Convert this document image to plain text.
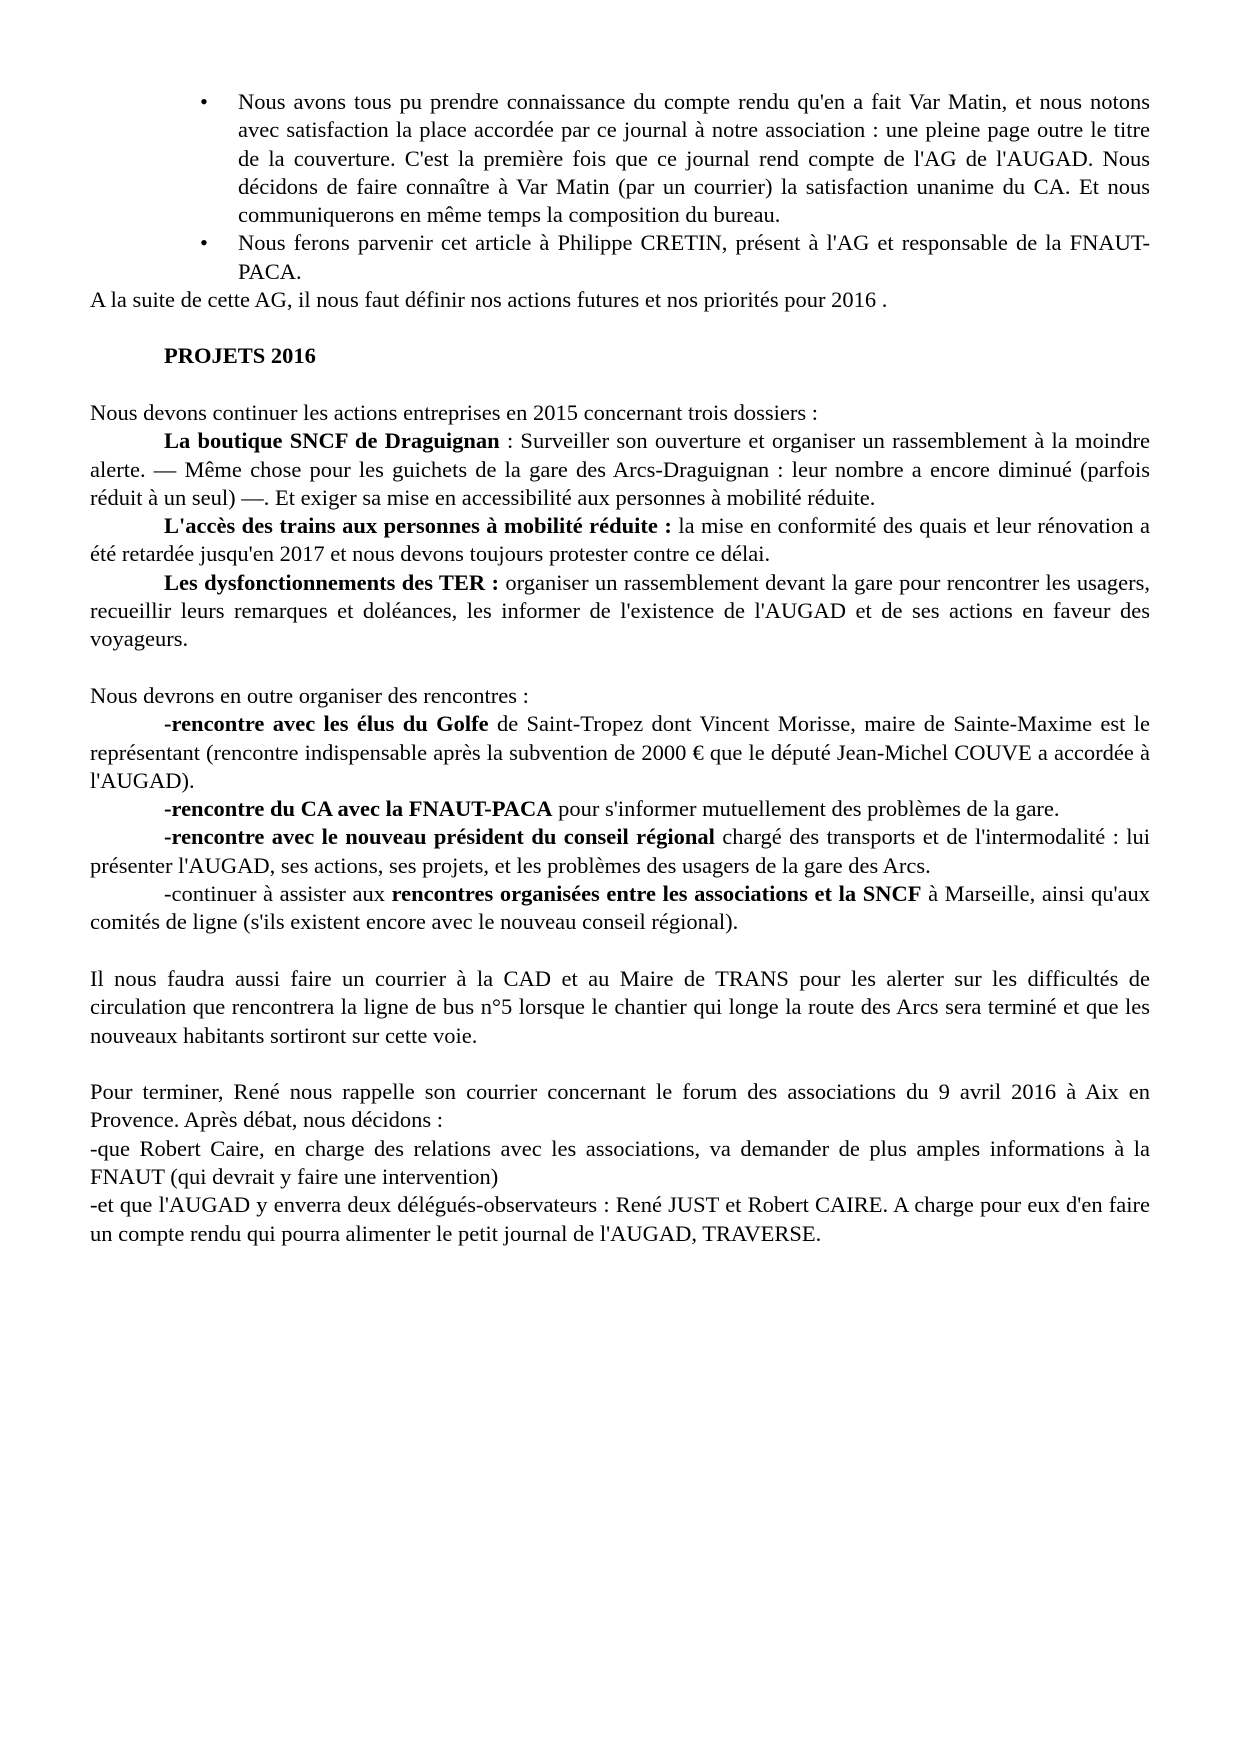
• Nous avons tous pu prendre connaissance du compte rendu qu'en a fait Var Matin, et nous notons avec satisfaction la place accordée par ce journal à notre association : une pleine page outre le titre de la couverture. C'est la première fois que ce journal rend compte de l'AG de l'AUGAD. Nous décidons de faire connaître à Var Matin (par un courrier) la satisfaction unanime du CA. Et nous communiquerons en même temps la composition du bureau.
• Nous ferons parvenir cet article à Philippe CRETIN, présent à l'AG et responsable de la FNAUT-PACA.

A la suite de cette AG, il nous faut définir nos actions futures et nos priorités pour 2016 .

PROJETS 2016

Nous devons continuer les actions entreprises en 2015 concernant trois dossiers :

La boutique SNCF de Draguignan : Surveiller son ouverture et organiser un rassemblement à la moindre alerte. — Même chose pour les guichets de la gare des Arcs-Draguignan : leur nombre a encore diminué (parfois réduit à un seul) —. Et exiger sa mise en accessibilité aux personnes à mobilité réduite.

L'accès des trains aux personnes à mobilité réduite : la mise en conformité des quais et leur rénovation a été retardée jusqu'en 2017 et nous devons toujours protester contre ce délai.

Les dysfonctionnements des TER : organiser un rassemblement devant la gare pour rencontrer les usagers, recueillir leurs remarques et doléances, les informer de l'existence de l'AUGAD et de ses actions en faveur des voyageurs.

Nous devrons en outre organiser des rencontres :

-rencontre avec les élus du Golfe de Saint-Tropez dont Vincent Morisse, maire de Sainte-Maxime est le représentant (rencontre indispensable après la subvention de 2000 € que le député Jean-Michel COUVE a accordée à l'AUGAD).

-rencontre du CA avec la FNAUT-PACA pour s'informer mutuellement des problèmes de la gare.

-rencontre avec le nouveau président du conseil régional chargé des transports et de l'intermodalité : lui présenter l'AUGAD, ses actions, ses projets, et les problèmes des usagers de la gare des Arcs.

-continuer à assister aux rencontres organisées entre les associations et la SNCF à Marseille, ainsi qu'aux comités de ligne (s'ils existent encore avec le nouveau conseil régional).

Il nous faudra aussi faire un courrier à la CAD et au Maire de TRANS pour les alerter sur les difficultés de circulation que rencontrera la ligne de bus n°5 lorsque le chantier qui longe la route des Arcs sera terminé et que les nouveaux habitants sortiront sur cette voie.

Pour terminer, René nous rappelle son courrier concernant le forum des associations du 9 avril 2016 à Aix en Provence. Après débat, nous décidons :

-que Robert Caire, en charge des relations avec les associations, va demander de plus amples informations à la FNAUT (qui devrait y faire une intervention)

-et que l'AUGAD y enverra deux délégués-observateurs : René JUST et Robert CAIRE. A charge pour eux d'en faire un compte rendu qui pourra alimenter le petit journal de l'AUGAD, TRAVERSE.
